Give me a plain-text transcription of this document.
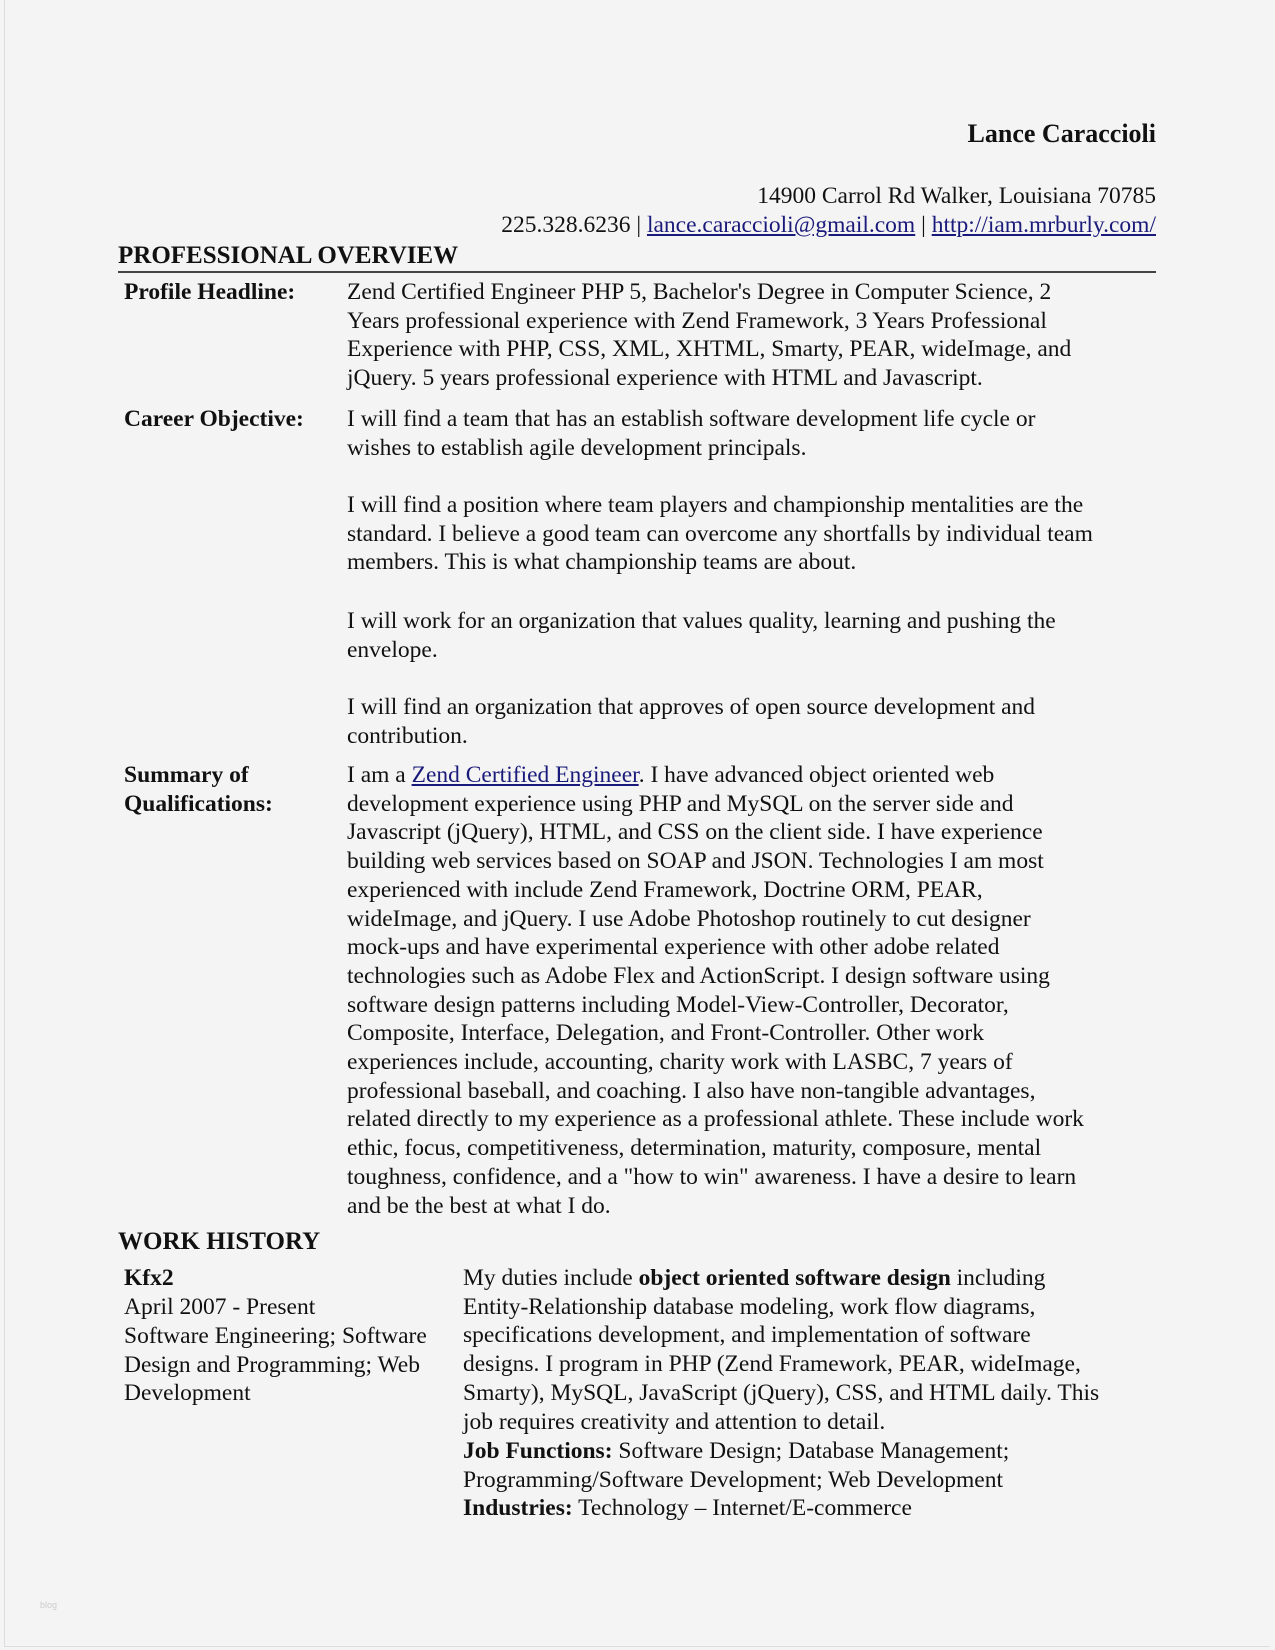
Lance Caraccioli
14900 Carrol Rd Walker, Louisiana 70785
225.328.6236 | lance.caraccioli@gmail.com | http://iam.mrburly.com/
PROFESSIONAL OVERVIEW
Profile Headline: Zend Certified Engineer PHP 5, Bachelor's Degree in Computer Science, 2
Years professional experience with Zend Framework, 3 Years Professional
Experience with PHP, CSS, XML, XHTML, Smarty, PEAR, wideImage, and
jQuery. 5 years professional experience with HTML and Javascript.
Career Objective: I will find a team that has an establish software development life cycle or
wishes to establish agile development principals.
I will find a position where team players and championship mentalities are the
standard. I believe a good team can overcome any shortfalls by individual team
members. This is what championship teams are about.
I will work for an organization that values quality, learning and pushing the
envelope.
I will find an organization that approves of open source development and
contribution.
Summary of
Qualifications:
I am a Zend Certified Engineer. I have advanced object oriented web
development experience using PHP and MySQL on the server side and
Javascript (jQuery), HTML, and CSS on the client side. I have experience
building web services based on SOAP and JSON. Technologies I am most
experienced with include Zend Framework, Doctrine ORM, PEAR,
wideImage, and jQuery. I use Adobe Photoshop routinely to cut designer
mock-ups and have experimental experience with other adobe related
technologies such as Adobe Flex and ActionScript. I design software using
software design patterns including Model-View-Controller, Decorator,
Composite, Interface, Delegation, and Front-Controller. Other work
experiences include, accounting, charity work with LASBC, 7 years of
professional baseball, and coaching. I also have non-tangible advantages,
related directly to my experience as a professional athlete. These include work
ethic, focus, competitiveness, determination, maturity, composure, mental
toughness, confidence, and a "how to win" awareness. I have a desire to learn
and be the best at what I do.
WORK HISTORY
Kfx2
April 2007 - Present
Software Engineering; Software
Design and Programming; Web
Development
My duties include object oriented software design including
Entity-Relationship database modeling, work flow diagrams,
specifications development, and implementation of software
designs. I program in PHP (Zend Framework, PEAR, wideImage,
Smarty), MySQL, JavaScript (jQuery), CSS, and HTML daily. This
job requires creativity and attention to detail.
Job Functions: Software Design; Database Management;
Programming/Software Development; Web Development
Industries: Technology – Internet/E-commerce
blog
